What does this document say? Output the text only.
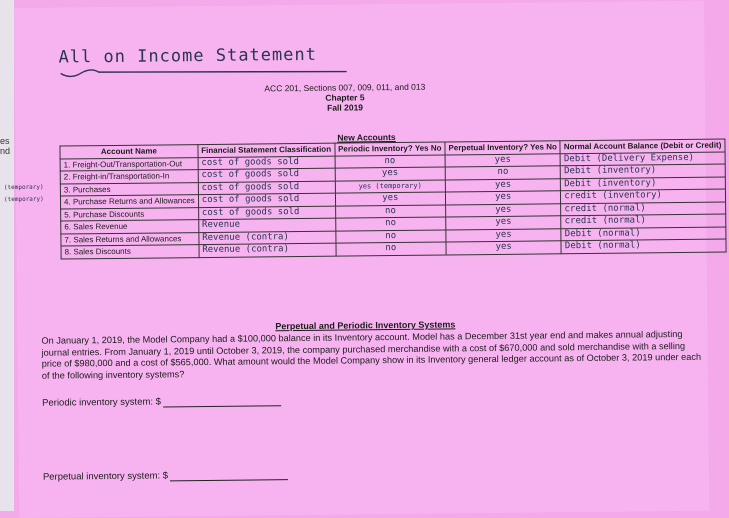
es
nd
All on Income Statement
ACC 201, Sections 007, 009, 011, and 013
Chapter 5
Fall 2019
New Accounts
(temporary)
(temporary)
Account Name	Financial Statement Classification	Periodic Inventory? Yes No	Perpetual Inventory? Yes No	Normal Account Balance (Debit or Credit)
1. Freight-Out/Transportation-Out	cost of goods sold	no	yes	Debit (Delivery Expense)
2. Freight-in/Transportation-In	cost of goods sold	yes	no	Debit (inventory)
3. Purchases	cost of goods sold	yes (temporary)	yes	Debit (inventory)
4. Purchase Returns and Allowances	cost of goods sold	yes	yes	credit (inventory)
5. Purchase Discounts	cost of goods sold	no	yes	credit (normal)
6. Sales Revenue	Revenue	no	yes	credit (normal)
7. Sales Returns and Allowances	Revenue (contra)	no	yes	Debit (normal)
8. Sales Discounts	Revenue (contra)	no	yes	Debit (normal)
Perpetual and Periodic Inventory Systems
On January 1, 2019, the Model Company had a $100,000 balance in its Inventory account. Model has a December 31st year end and makes annual adjusting journal entries. From January 1, 2019 until October 3, 2019, the company purchased merchandise with a cost of $670,000 and sold merchandise with a selling price of $980,000 and a cost of $565,000. What amount would the Model Company show in its Inventory general ledger account as of October 3, 2019 under each of the following inventory systems?
Periodic inventory system: $
Perpetual inventory system: $
